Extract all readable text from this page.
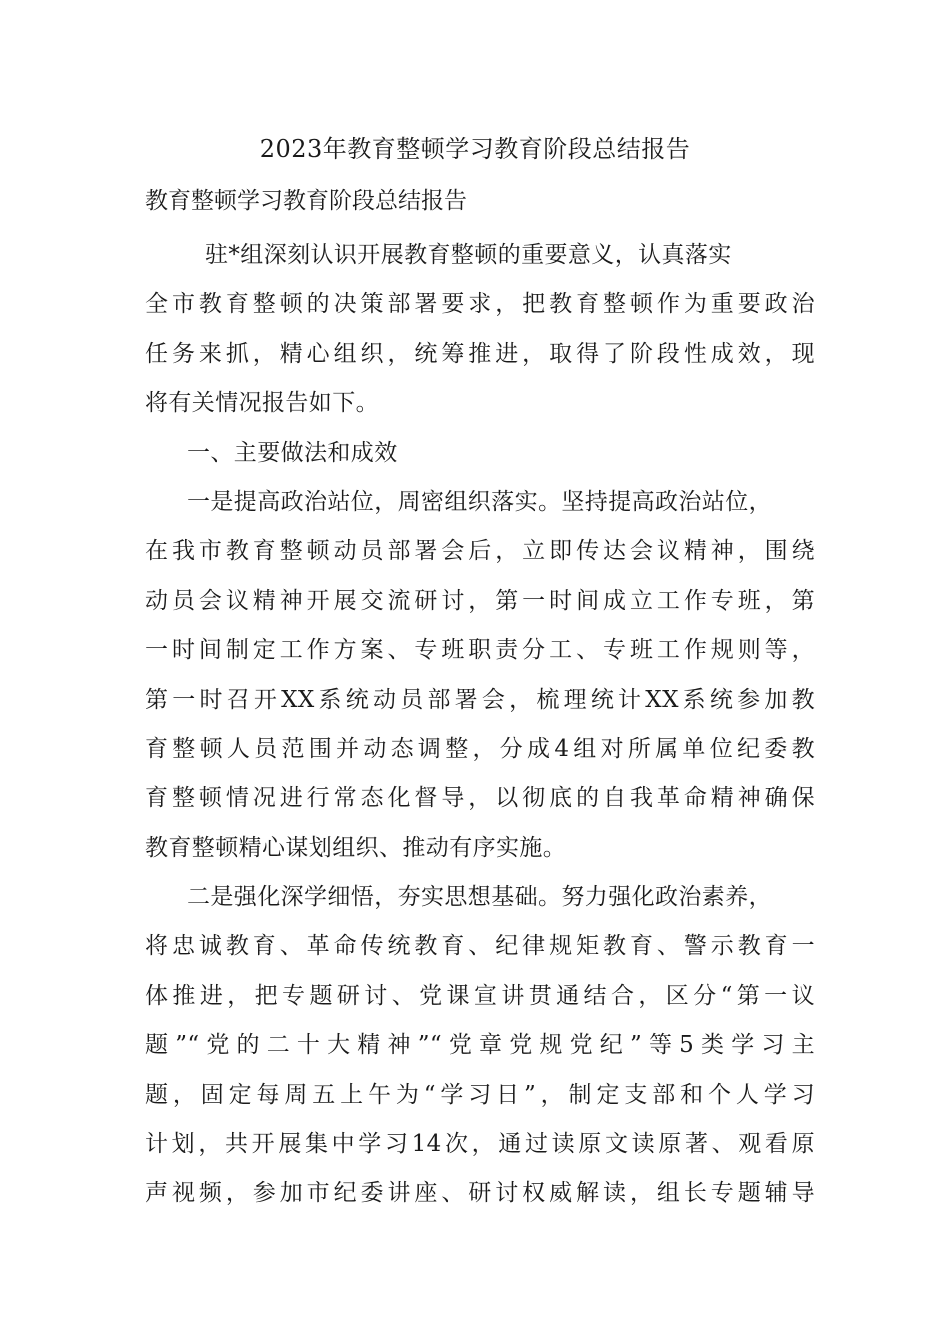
2023年教育整顿学习教育阶段总结报告
教育整顿学习教育阶段总结报告
驻*组深刻认识开展教育整顿的重要意义，认真落实
全市教育整顿的决策部署要求，把教育整顿作为重要政治
任务来抓，精心组织，统筹推进，取得了阶段性成效，现
将有关情况报告如下。
一、主要做法和成效
一是提高政治站位，周密组织落实。坚持提高政治站位，
在我市教育整顿动员部署会后，立即传达会议精神，围绕
动员会议精神开展交流研讨，第一时间成立工作专班，第
一时间制定工作方案、专班职责分工、专班工作规则等，
第一时召开XX系统动员部署会，梳理统计XX系统参加教
育整顿人员范围并动态调整，分成4组对所属单位纪委教
育整顿情况进行常态化督导，以彻底的自我革命精神确保
教育整顿精心谋划组织、推动有序实施。
二是强化深学细悟，夯实思想基础。努力强化政治素养，
将忠诚教育、革命传统教育、纪律规矩教育、警示教育一
体推进，把专题研讨、党课宣讲贯通结合，区分“第一议
题”“党的二十大精神”“党章党规党纪”等5类学习主
题，固定每周五上午为“学习日”，制定支部和个人学习
计划，共开展集中学习14次，通过读原文读原著、观看原
声视频，参加市纪委讲座、研讨权威解读，组长专题辅导
